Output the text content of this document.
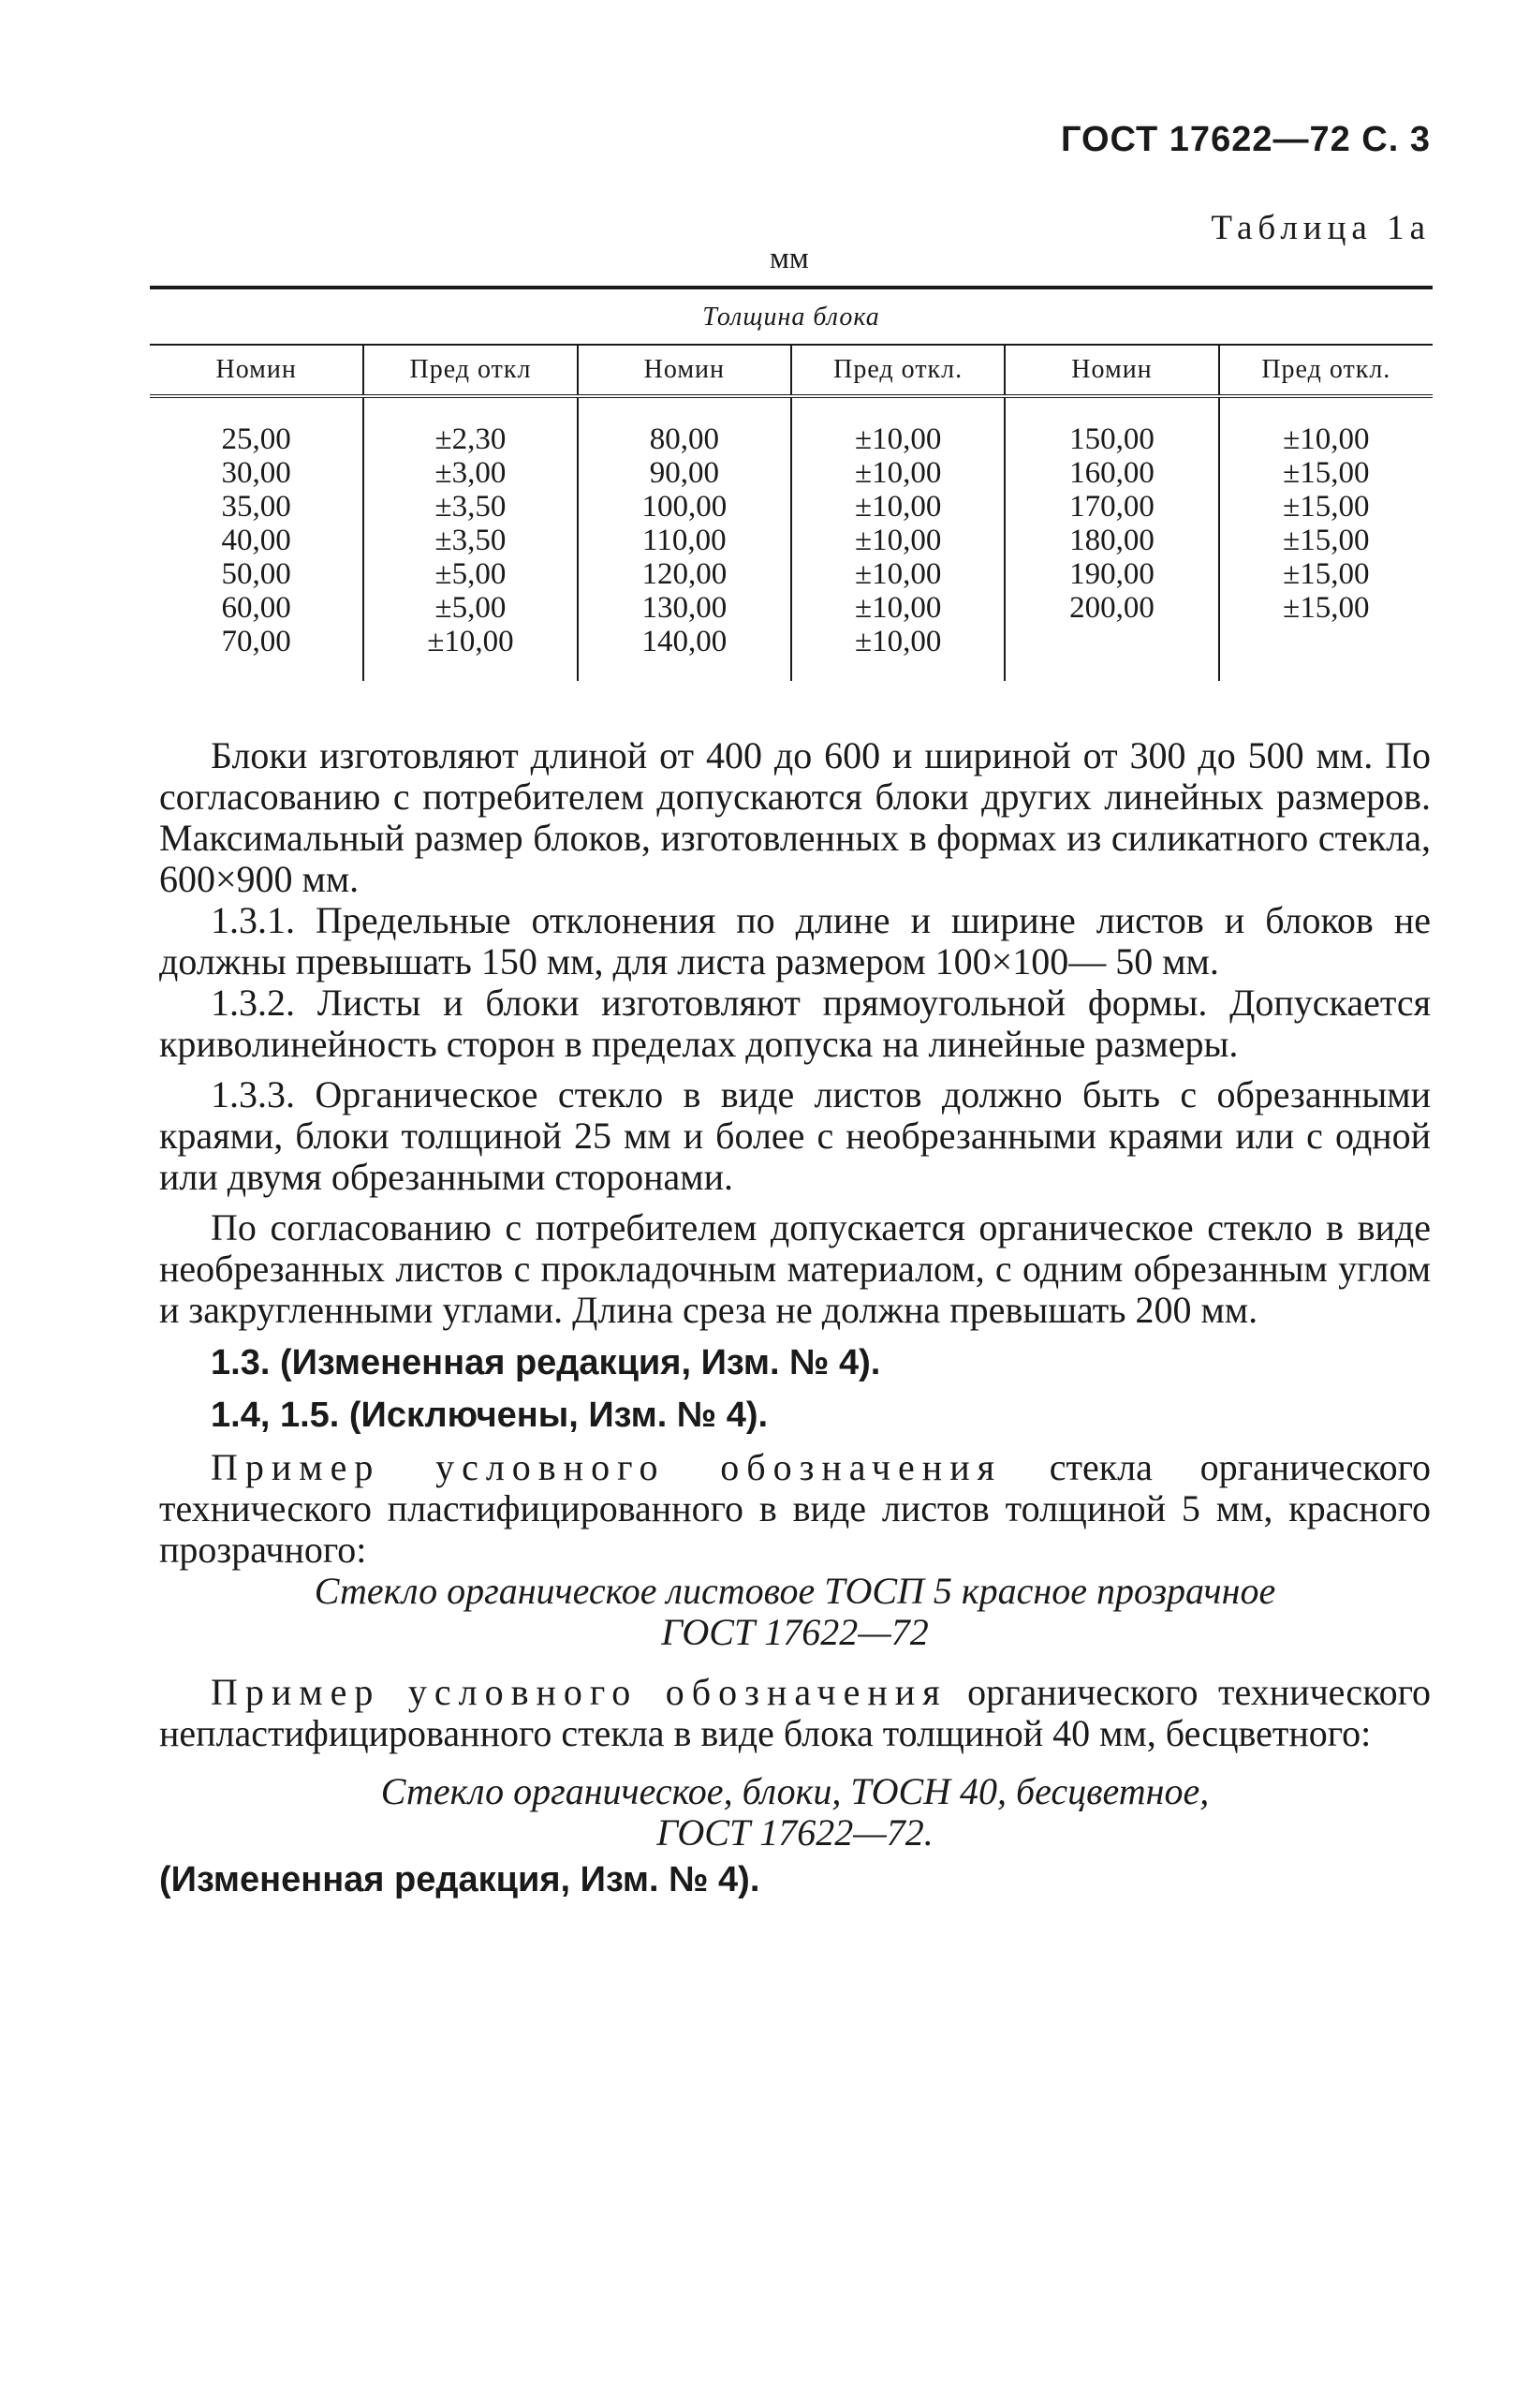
ГОСТ 17622—72 С. 3
Таблица 1а
мм

Толщина блока					
Номин	Пред откл	Номин	Пред откл.	Номин	Пред откл.
25,00	±2,30	80,00	±10,00	150,00	±10,00
30,00	±3,00	90,00	±10,00	160,00	±15,00
35,00	±3,50	100,00	±10,00	170,00	±15,00
40,00	±3,50	110,00	±10,00	180,00	±15,00
50,00	±5,00	120,00	±10,00	190,00	±15,00
60,00	±5,00	130,00	±10,00	200,00	±15,00
70,00	±10,00	140,00	±10,00		

Блоки изготовляют длиной от 400 до 600 и шириной от 300 до 500 мм. По согласованию с потребителем допускаются блоки других линейных размеров. Максимальный размер блоков, изготовленных в формах из силикатного стекла, 600×900 мм.

1.3.1. Предельные отклонения по длине и ширине листов и блоков не должны превышать 150 мм, для листа размером 100×100— 50 мм.

1.3.2. Листы и блоки изготовляют прямоугольной формы. Допускается криволинейность сторон в пределах допуска на линейные размеры.

1.3.3. Органическое стекло в виде листов должно быть с обрезанными краями, блоки толщиной 25 мм и более с необрезанными краями или с одной или двумя обрезанными сторонами.

По согласованию с потребителем допускается органическое стекло в виде необрезанных листов с прокладочным материалом, с одним обрезанным углом и закругленными углами. Длина среза не должна превышать 200 мм.

1.3. (Измененная редакция, Изм. № 4).

1.4, 1.5. (Исключены, Изм. № 4).

Пример условного обозначения стекла органического технического пластифицированного в виде листов толщиной 5 мм, красного прозрачного:

Стекло органическое листовое ТОСП 5 красное прозрачное

ГОСТ 17622—72

Пример условного обозначения органического технического непластифицированного стекла в виде блока толщиной 40 мм, бесцветного:

Стекло органическое, блоки, ТОСН 40, бесцветное,

ГОСТ 17622—72.

(Измененная редакция, Изм. № 4).
